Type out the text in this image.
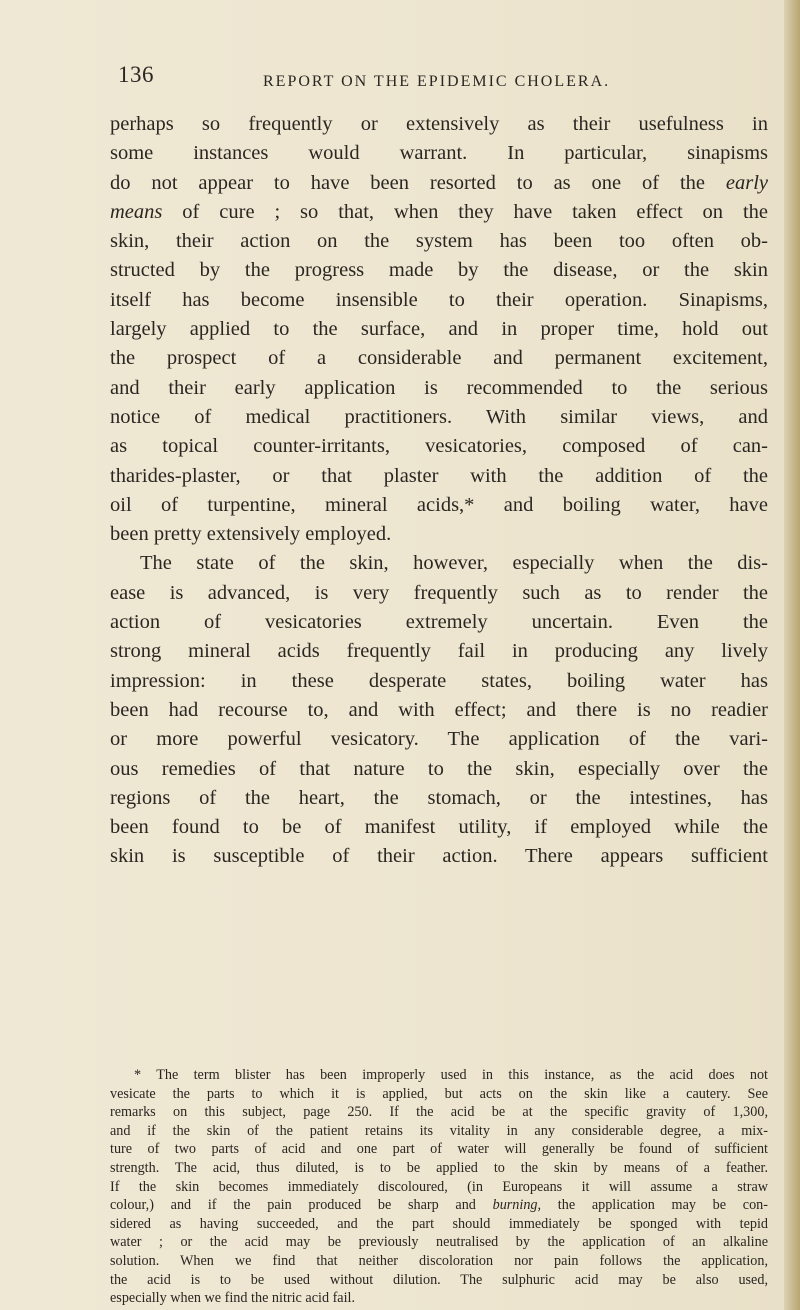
136	REPORT ON THE EPIDEMIC CHOLERA.
perhaps so frequently or extensively as their usefulness in
some instances would warrant. In particular, sinapisms
do not appear to have been resorted to as one of the early
means of cure ; so that, when they have taken effect on the
skin, their action on the system has been too often ob-
structed by the progress made by the disease, or the skin
itself has become insensible to their operation. Sinapisms,
largely applied to the surface, and in proper time, hold out
the prospect of a considerable and permanent excitement,
and their early application is recommended to the serious
notice of medical practitioners. With similar views, and
as topical counter-irritants, vesicatories, composed of can-
tharides-plaster, or that plaster with the addition of the
oil of turpentine, mineral acids,* and boiling water, have
been pretty extensively employed.
The state of the skin, however, especially when the dis-
ease is advanced, is very frequently such as to render the
action of vesicatories extremely uncertain. Even the
strong mineral acids frequently fail in producing any lively
impression: in these desperate states, boiling water has
been had recourse to, and with effect; and there is no readier
or more powerful vesicatory. The application of the vari-
ous remedies of that nature to the skin, especially over the
regions of the heart, the stomach, or the intestines, has
been found to be of manifest utility, if employed while the
skin is susceptible of their action. There appears sufficient
* The term blister has been improperly used in this instance, as the acid does not
vesicate the parts to which it is applied, but acts on the skin like a cautery. See
remarks on this subject, page 250. If the acid be at the specific gravity of 1,300,
and if the skin of the patient retains its vitality in any considerable degree, a mix-
ture of two parts of acid and one part of water will generally be found of sufficient
strength. The acid, thus diluted, is to be applied to the skin by means of a feather.
If the skin becomes immediately discoloured, (in Europeans it will assume a straw
colour,) and if the pain produced be sharp and burning, the application may be con-
sidered as having succeeded, and the part should immediately be sponged with tepid
water ; or the acid may be previously neutralised by the application of an alkaline
solution. When we find that neither discoloration nor pain follows the application,
the acid is to be used without dilution. The sulphuric acid may be also used,
especially when we find the nitric acid fail.
